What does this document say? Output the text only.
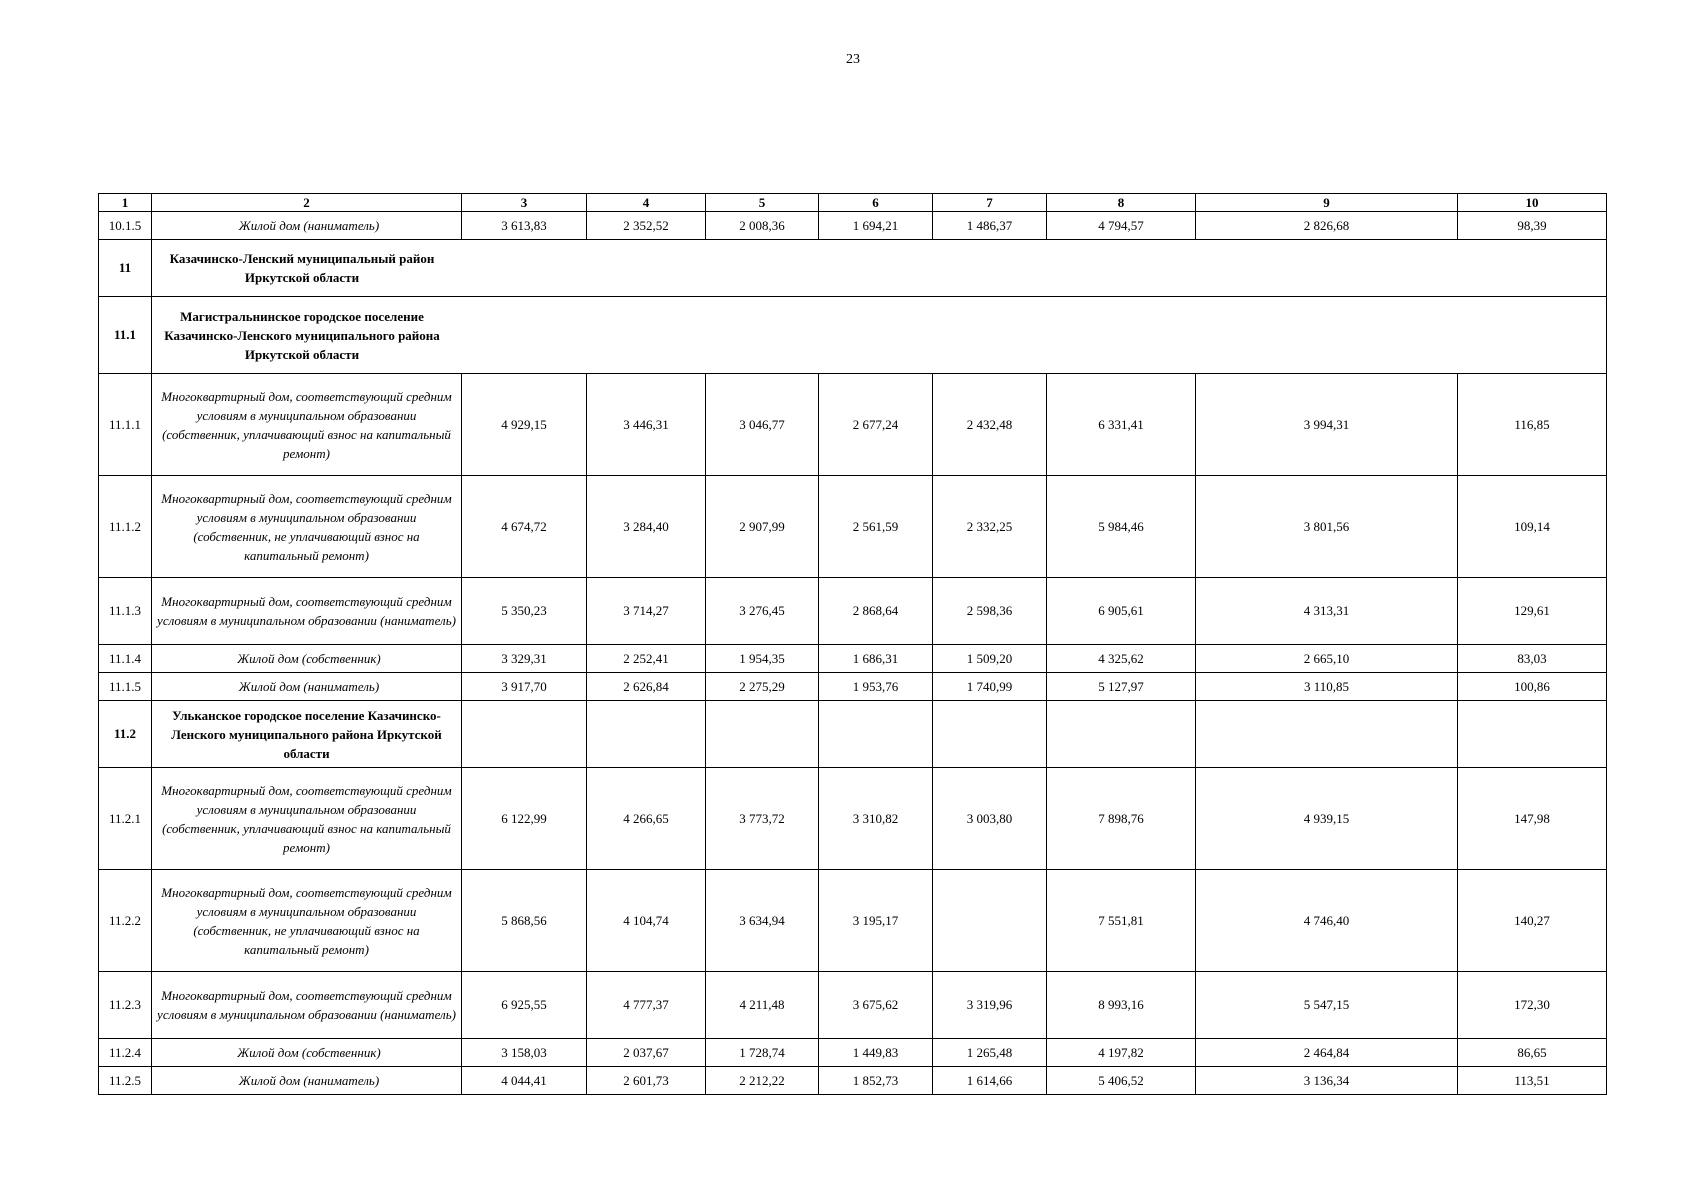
23
1	2	3	4	5	6	7	8	9	10
10.1.5	Жилой дом (наниматель)	3 613,83	2 352,52	2 008,36	1 694,21	1 486,37	4 794,57	2 826,68	98,39
11	Казачинско-Ленский муниципальный район Иркутской области								

11.1	Магистральнинское городское поселение Казачинско-Ленского муниципального района Иркутской области								

11.1.1	Многоквартирный дом, соответствующий средним условиям в муниципальном образовании (собственник, уплачивающий взнос на капитальный ремонт)	4 929,15	3 446,31	3 046,77	2 677,24	2 432,48	6 331,41	3 994,31	116,85
11.1.2	Многоквартирный дом, соответствующий средним условиям в муниципальном образовании (собственник, не уплачивающий взнос на капитальный ремонт)	4 674,72	3 284,40	2 907,99	2 561,59	2 332,25	5 984,46	3 801,56	109,14
11.1.3	Многоквартирный дом, соответствующий средним условиям в муниципальном образовании (наниматель)	5 350,23	3 714,27	3 276,45	2 868,64	2 598,36	6 905,61	4 313,31	129,61
11.1.4	Жилой дом (собственник)	3 329,31	2 252,41	1 954,35	1 686,31	1 509,20	4 325,62	2 665,10	83,03
11.1.5	Жилой дом (наниматель)	3 917,70	2 626,84	2 275,29	1 953,76	1 740,99	5 127,97	3 110,85	100,86
11.2	Ульканское городское поселение Казачинско-Ленского муниципального района Иркутской области								
11.2.1	Многоквартирный дом, соответствующий средним условиям в муниципальном образовании (собственник, уплачивающий взнос на капитальный ремонт)	6 122,99	4 266,65	3 773,72	3 310,82	3 003,80	7 898,76	4 939,15	147,98
11.2.2	Многоквартирный дом, соответствующий средним условиям в муниципальном образовании (собственник, не уплачивающий взнос на капитальный ремонт)	5 868,56	4 104,74	3 634,94	3 195,17		7 551,81	4 746,40	140,27
11.2.3	Многоквартирный дом, соответствующий средним условиям в муниципальном образовании (наниматель)	6 925,55	4 777,37	4 211,48	3 675,62	3 319,96	8 993,16	5 547,15	172,30
11.2.4	Жилой дом (собственник)	3 158,03	2 037,67	1 728,74	1 449,83	1 265,48	4 197,82	2 464,84	86,65
11.2.5	Жилой дом (наниматель)	4 044,41	2 601,73	2 212,22	1 852,73	1 614,66	5 406,52	3 136,34	113,51
